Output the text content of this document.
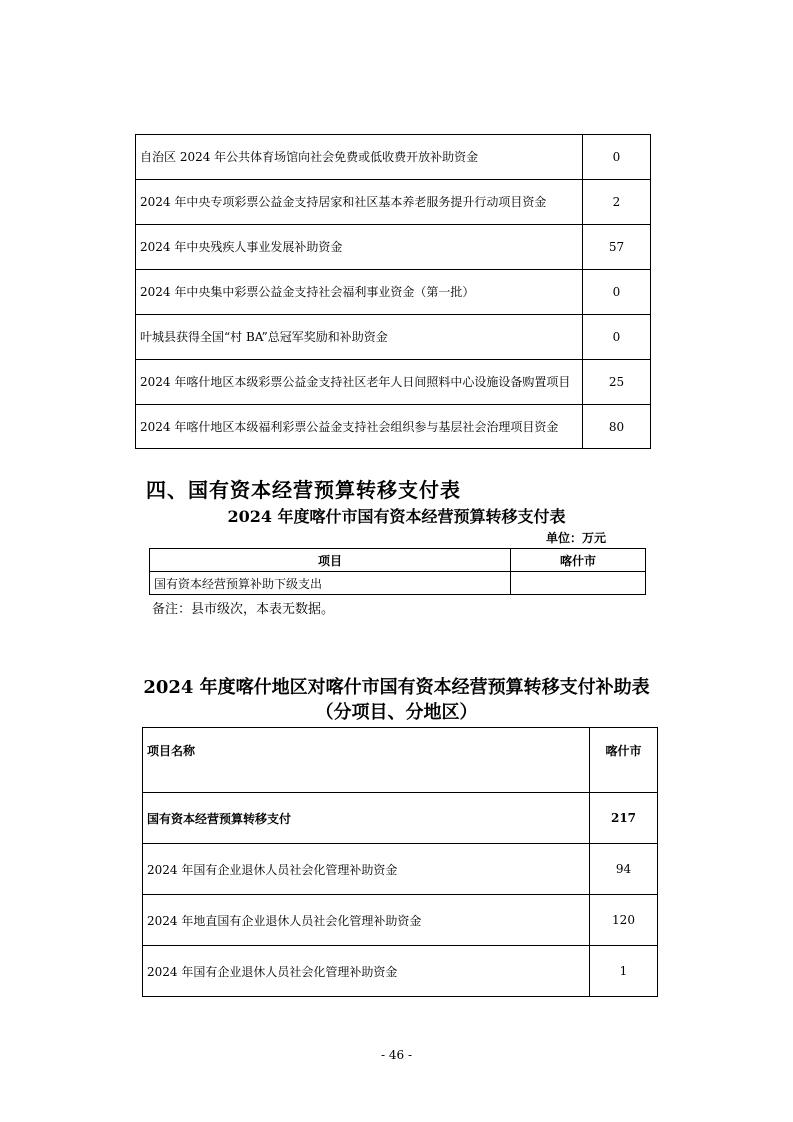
自治区 2024 年公共体育场馆向社会免费或低收费开放补助资金	0
2024 年中央专项彩票公益金支持居家和社区基本养老服务提升行动项目资金	2
2024 年中央残疾人事业发展补助资金	57
2024 年中央集中彩票公益金支持社会福利事业资金（第一批）	0
叶城县获得全国“村 BA”总冠军奖励和补助资金	0
2024 年喀什地区本级彩票公益金支持社区老年人日间照料中心设施设备购置项目	25
2024 年喀什地区本级福利彩票公益金支持社会组织参与基层社会治理项目资金	80
四、国有资本经营预算转移支付表
2024 年度喀什市国有资本经营预算转移支付表
单位：万元
项目	喀什市
国有资本经营预算补助下级支出	
备注：县市级次，本表无数据。
2024 年度喀什地区对喀什市国有资本经营预算转移支付补助表
（分项目、分地区）
项目名称	喀什市
国有资本经营预算转移支付	217
2024 年国有企业退休人员社会化管理补助资金	94
2024 年地直国有企业退休人员社会化管理补助资金	120
2024 年国有企业退休人员社会化管理补助资金	1
- 46 -
